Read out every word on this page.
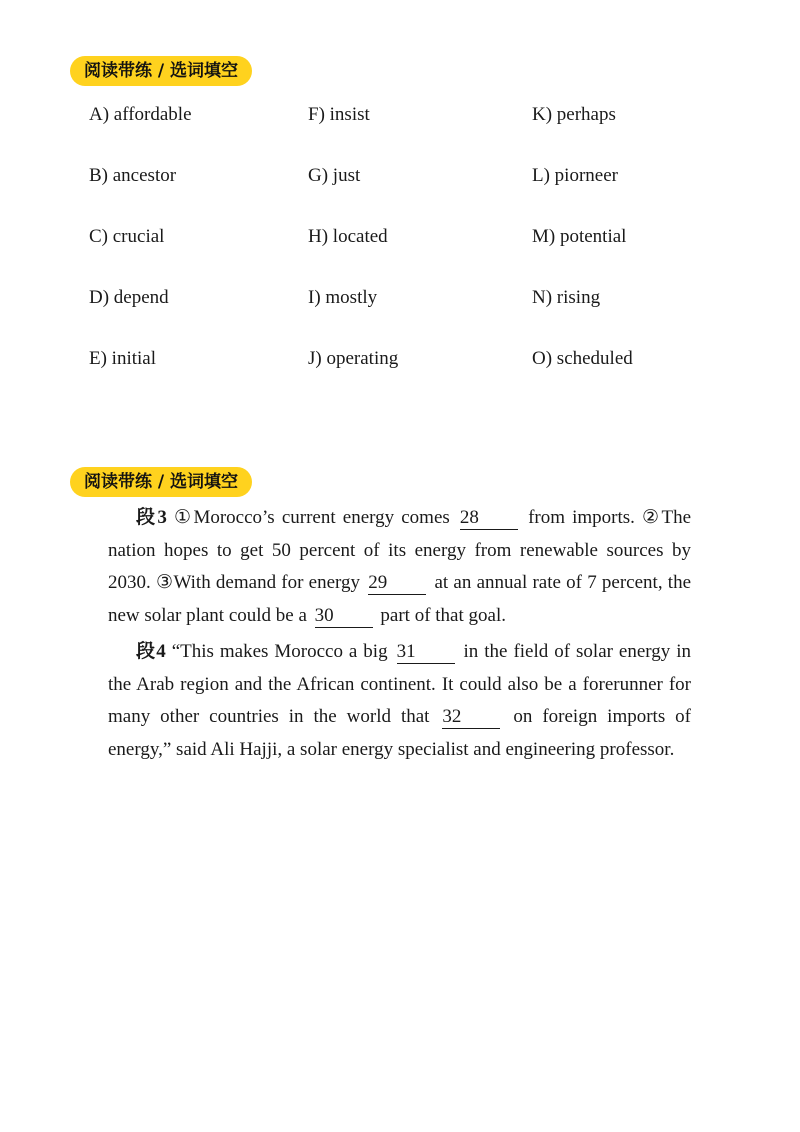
阅读带练 / 选词填空
A) affordable	F) insist	K) perhaps
B) ancestor	G) just	L) piorneer
C) crucial	H) located	M) potential
D) depend	I) mostly	N) rising
E) initial	J) operating	O) scheduled
阅读带练 / 选词填空

段3 ①Morocco’s current energy comes 28	from imports. ②The nation hopes to get 50 percent of its energy from renewable sources by 2030. ③With demand for energy 29 at an annual rate of 7 percent, the new solar plant could be a 30 part of that goal.

段4 “This makes Morocco a big 31	in the field of solar energy in the Arab region and the African continent. It could also be a forerunner for many other countries in the world that 32	on foreign imports of energy,” said Ali Hajji, a solar energy specialist and engineering professor.
